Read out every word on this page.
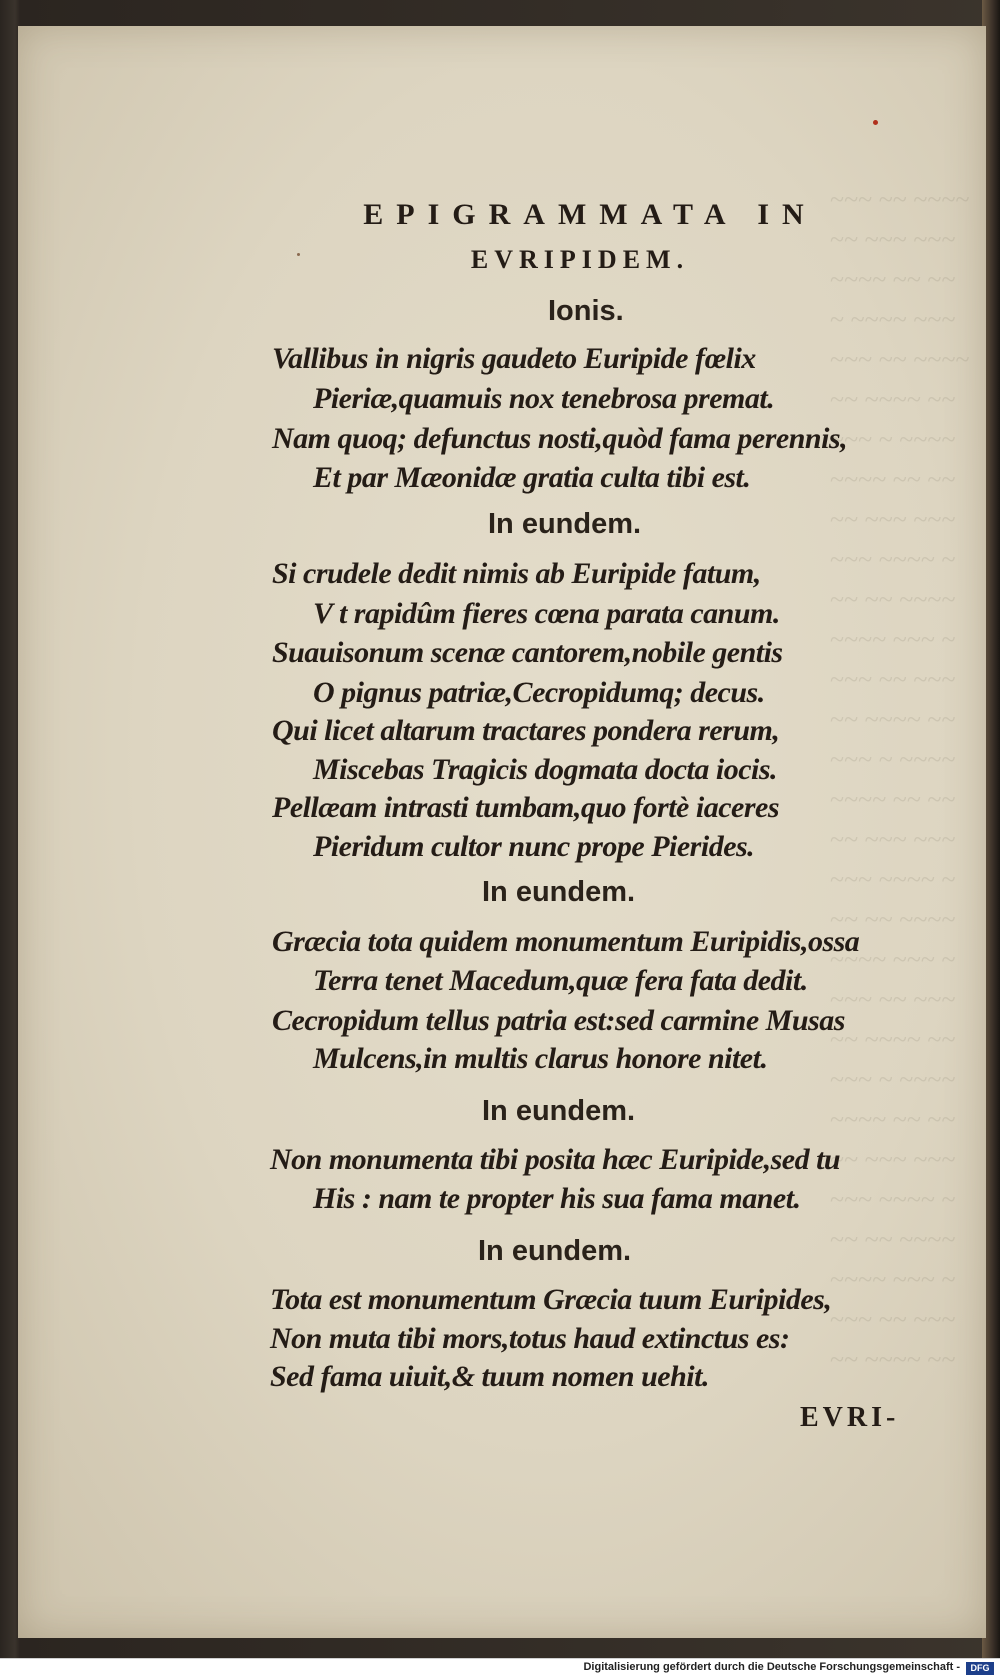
~~~ ~~ ~~~~
~~ ~~~ ~~~
~~~~ ~~ ~~
~ ~~~~ ~~~
~~~ ~~ ~~~~
~~ ~~~~ ~~
~~~ ~ ~~~~
~~~~ ~~ ~~
~~ ~~~ ~~~
~~~ ~~~~ ~
~~ ~~ ~~~~
~~~~ ~~~ ~
~~~ ~~ ~~~
~~ ~~~~ ~~
~~~ ~ ~~~~
~~~~ ~~ ~~
~~ ~~~ ~~~
~~~ ~~~~ ~
~~ ~~ ~~~~
~~~~ ~~~ ~
~~~ ~~ ~~~
~~ ~~~~ ~~
~~~ ~ ~~~~
~~~~ ~~ ~~
~~ ~~~ ~~~
~~~ ~~~~ ~
~~ ~~ ~~~~
~~~~ ~~~ ~
~~~ ~~ ~~~
~~ ~~~~ ~~
EPIGRAMMATA IN
EVRIPIDEM.
Ionis.
Vallibus in nigris gaudeto Euripide fœlix
Pieriæ,quamuis nox tenebrosa premat.
Nam quoq; defunctus nosti,quòd fama perennis,
Et par Mæonidæ gratia culta tibi est.
In eundem.
Si crudele dedit nimis ab Euripide fatum,
V t rapidûm fieres cœna parata canum.
Suauisonum scenæ cantorem,nobile gentis
O pignus patriæ,Cecropidumq; decus.
Qui licet altarum tractares pondera rerum,
Miscebas Tragicis dogmata docta iocis.
Pellæam intrasti tumbam,quo fortè iaceres
Pieridum cultor nunc prope Pierides.
In eundem.
Græcia tota quidem monumentum Euripidis,ossa
Terra tenet Macedum,quæ fera fata dedit.
Cecropidum tellus patria est:sed carmine Musas
Mulcens,in multis clarus honore nitet.
In eundem.
Non monumenta tibi posita hæc Euripide,sed tu
His : nam te propter his sua fama manet.
In eundem.
Tota est monumentum Græcia tuum Euripides,
Non muta tibi mors,totus haud extinctus es:
Sed fama uiuit,& tuum nomen uehit.
EVRI-
Digitalisierung gefördert durch die Deutsche Forschungsgemeinschaft -	DFG
